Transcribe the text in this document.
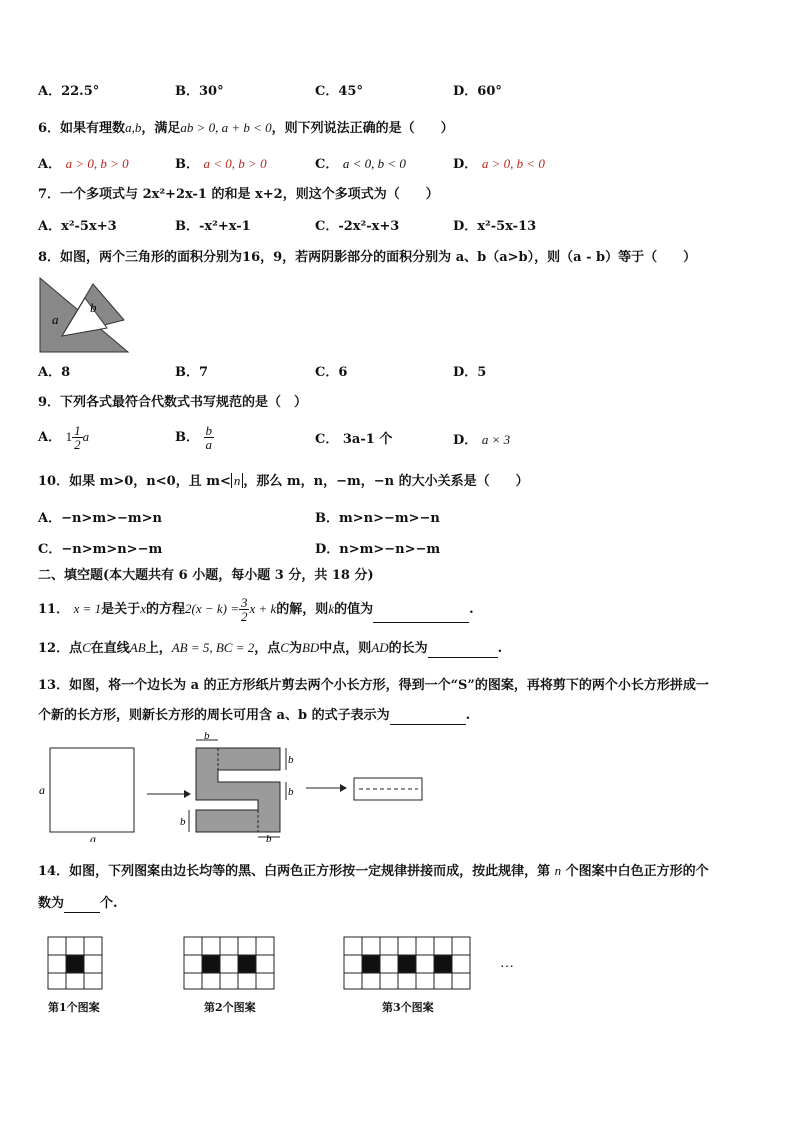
A．22.5°	B．30°	C．45°	D．60°
6．如果有理数a,b，满足ab > 0, a + b < 0，则下列说法正确的是（　　）
A． a > 0, b > 0	B． a < 0, b > 0	C． a < 0, b < 0	D． a > 0, b < 0
7．一个多项式与 2x²+2x-1 的和是 x+2，则这个多项式为（　　）
A．x²-5x+3	B．-x²+x-1	C．-2x²-x+3	D．x²-5x-13
8．如图，两个三角形的面积分别为16，9，若两阴影部分的面积分别为 a、b（a>b），则（a - b）等于（　　）
a
b
A．8	B．7	C．6	D．5
9．下列各式最符合代数式书写规范的是（　）
A． $1 \frac{1}{2}$ a	B． $\frac{b}{a}$	C． 3a-1 个	D． a × 3
10．如果 m>0，n<0，且 m< n ，那么 m，n，−m，−n 的大小关系是（　　）
A．−n>m>−m>n	B．m>n>−m>−n
C．−n>m>n>−m	D．n>m>−n>−m
二、填空题(本大题共有 6 小题，每小题 3 分，共 18 分)
11． x = 1是关于x的方程$2(x - k) = \frac{3}{2}$ x + k的解，则k的值为	.
12．点C在直线AB上，AB = 5, BC = 2，点C为BD中点，则AD的长为	.
13．如图，将一个边长为 a 的正方形纸片剪去两个小长方形，得到一个“S”的图案，再将剪下的两个小长方形拼成一
个新的长方形，则新长方形的周长可用含 a、b 的式子表示为	.
a
a
b
b
b
b
b
14．如图，下列图案由边长均等的黑、白两色正方形按一定规律拼接而成，按此规律，第 n 个图案中白色正方形的个
数为	个.
…
第1个图案	第2个图案	第3个图案
